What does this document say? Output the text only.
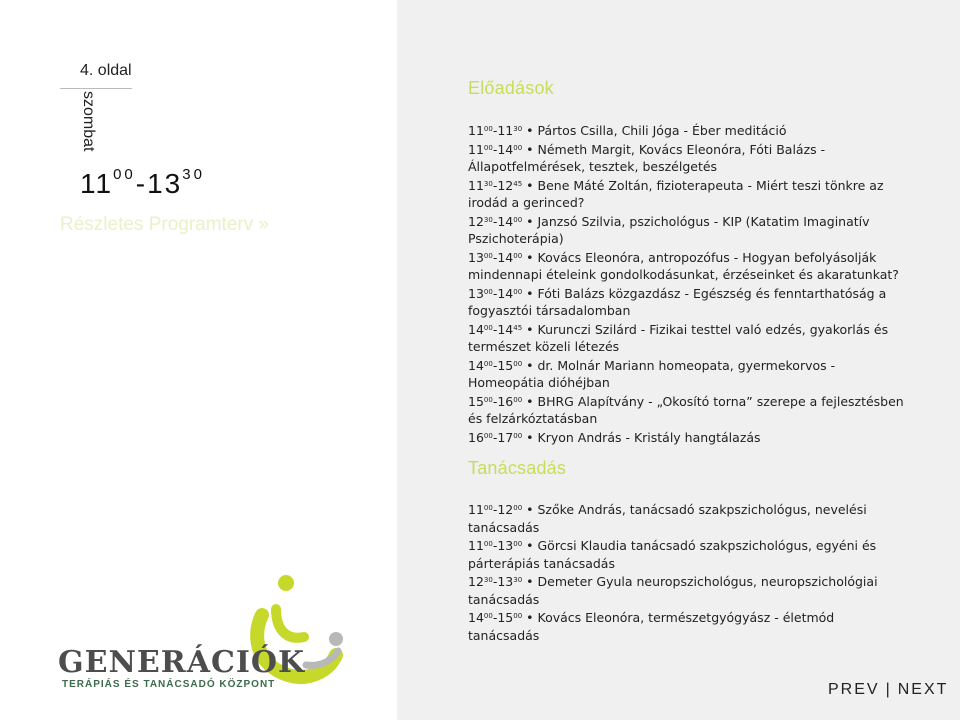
4. oldal
szombat
$11^{00}-13^{30}$
Részletes Programterv »
GENERÁCIÓK
TERÁPIÁS ÉS TANÁCSADÓ KÖZPONT
Előadások
$11^{00}-11^{30}$ • Pártos Csilla, Chili Jóga - Éber meditáció
$11^{00}-14^{00}$ • Németh Margit, Kovács Eleonóra, Fóti Balázs - Állapotfelmérések, tesztek, beszélgetés
$11^{30}-12^{45}$ • Bene Máté Zoltán, fizioterapeuta - Miért teszi tönkre az irodád a gerinced?
$12^{30}-14^{00}$ • Janzsó Szilvia, pszichológus - KIP (Katatim Imaginatív Pszichoterápia)
$13^{00}-14^{00}$ • Kovács Eleonóra, antropozófus - Hogyan befolyásolják mindennapi ételeink gondolkodásunkat, érzéseinket és akaratunkat?
$13^{00}-14^{00}$ • Fóti Balázs közgazdász - Egészség és fenntarthatóság a fogyasztói társadalomban
$14^{00}-14^{45}$ • Kurunczi Szilárd - Fizikai testtel való edzés, gyakorlás és természet közeli létezés
$14^{00}-15^{00}$ • dr. Molnár Mariann homeopata, gyermekorvos - Homeopátia dióhéjban
$15^{00}-16^{00}$ • BHRG Alapítvány - „Okosító torna” szerepe a fejlesztésben és felzárkóztatásban
$16^{00}-17^{00}$ • Kryon András - Kristály hangtálazás
Tanácsadás
$11^{00}-12^{00}$ • Szőke András, tanácsadó szakpszichológus, nevelési tanácsadás
$11^{00}-13^{00}$ • Görcsi Klaudia tanácsadó szakpszichológus, egyéni és párterápiás tanácsadás
$12^{30}-13^{30}$ • Demeter Gyula neuropszichológus, neuropszichológiai tanácsadás
$14^{00}-15^{00}$ • Kovács Eleonóra, természetgyógyász - életmód tanácsadás
PREV | NEXT
